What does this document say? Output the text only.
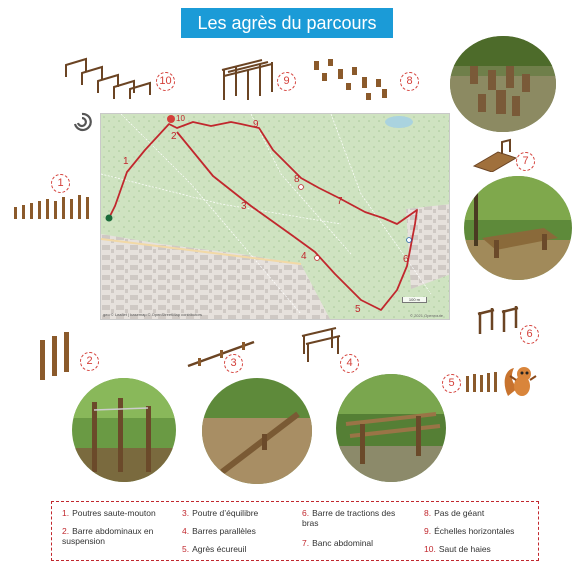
Les agrès du parcours
1
2
3
4
5
6
7
8
9
10
100 m
geo © Leaflet | basemap © OpenStreetMap contributors	© 2021 Openroute
10	9	8
1
2	3	4
5
6
7
1. Poutres saute-mouton
2. Barre abdominaux en suspension
3. Poutre d’équilibre
4. Barres parallèles
5. Agrès écureuil
6. Barre de tractions des bras
7. Banc abdominal
8. Pas de géant
9. Échelles horizontales
10. Saut de haies
